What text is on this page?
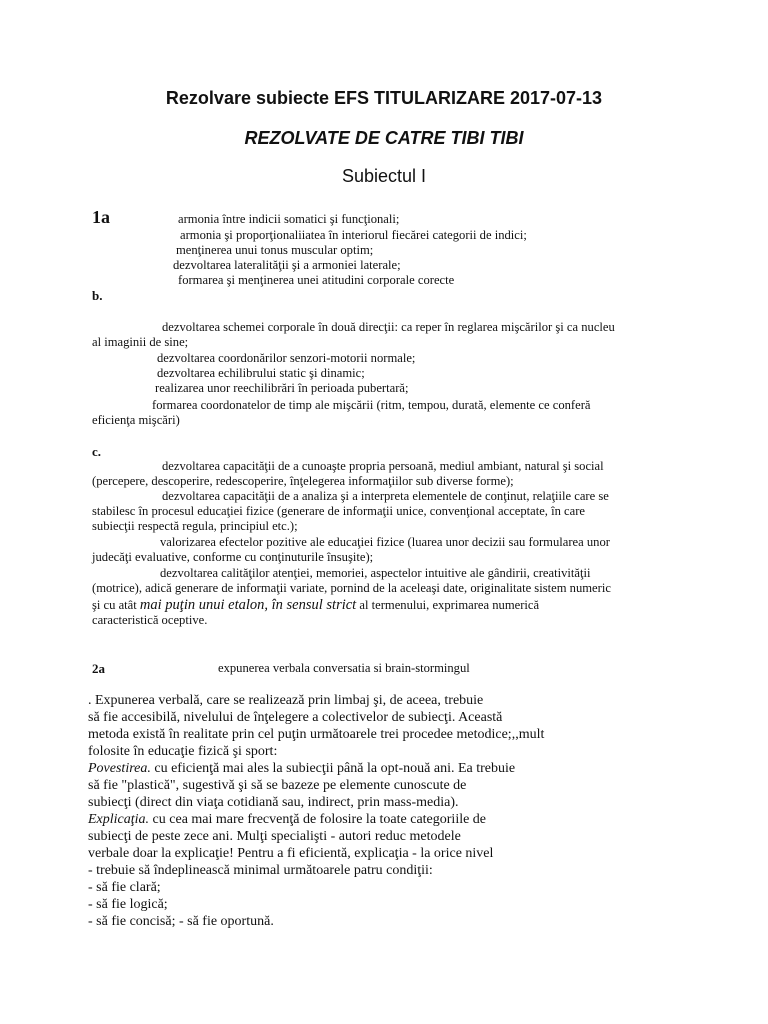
Rezolvare subiecte EFS TITULARIZARE 2017-07-13
REZOLVATE DE CATRE TIBI TIBI
Subiectul I
1a	armonia între indicii somatici şi funcţionali;
armonia şi proporţionaliiatea în interiorul fiecărei categorii de indici;
menţinerea unui tonus muscular optim;
dezvoltarea lateralităţii şi a armoniei laterale;
formarea şi menţinerea unei atitudini corporale corecte
b.
dezvoltarea schemei corporale în două direcţii: ca reper în reglarea mişcărilor şi ca nucleu
al imaginii de sine;
dezvoltarea coordonărilor senzori-motorii normale;
dezvoltarea echilibrului static şi dinamic;
realizarea unor reechilibrări în perioada pubertară;
formarea coordonatelor de timp ale mişcării (ritm, tempou, durată, elemente ce conferă
eficienţa mişcări)
c.
dezvoltarea capacităţii de a cunoaşte propria persoană, mediul ambiant, natural şi social
(percepere, descoperire, redescoperire, înţelegerea informaţiilor sub diverse forme);
dezvoltarea capacităţii de a analiza şi a interpreta elementele de conţinut, relaţiile care se
stabilesc în procesul educaţiei fizice (generare de informaţii unice, convenţional acceptate, în care
subiecţii respectă regula, principiul etc.);
valorizarea efectelor pozitive ale educaţiei fizice (luarea unor decizii sau formularea unor
judecăţi evaluative, conforme cu conţinuturile însuşite);
dezvoltarea calităţilor atenţiei, memoriei, aspectelor intuitive ale gândirii, creativităţii
(motrice), adică generare de informaţii variate, pornind de la aceleaşi date, originalitate sistem numeric
şi cu atât mai puţin unui etalon, în sensul strict al termenului, exprimarea numerică
caracteristică oceptive.
2a	expunerea verbala conversatia si brain-stormingul
. Expunerea verbală, care se realizează prin limbaj şi, de aceea, trebuie
să fie accesibilă, nivelului de înţelegere a colectivelor de subiecţi. Această
metoda există în realitate prin cel puţin următoarele trei procedee metodice;,,mult
folosite în educaţie fizică şi sport:
Povestirea. cu eficienţă mai ales la subiecţii până la opt-nouă ani. Ea trebuie
să fie "plastică", sugestivă şi să se bazeze pe elemente cunoscute de
subiecţi (direct din viaţa cotidiană sau, indirect, prin mass-media).
Explicaţia. cu cea mai mare frecvenţă de folosire la toate categoriile de
subiecţi de peste zece ani. Mulţi specialişti - autori reduc metodele
verbale doar la explicaţie! Pentru a fi eficientă, explicaţia - la orice nivel
- trebuie să îndeplinească minimal următoarele patru condiţii:
- să fie clară;
- să fie logică;
- să fie concisă; - să fie oportună.
